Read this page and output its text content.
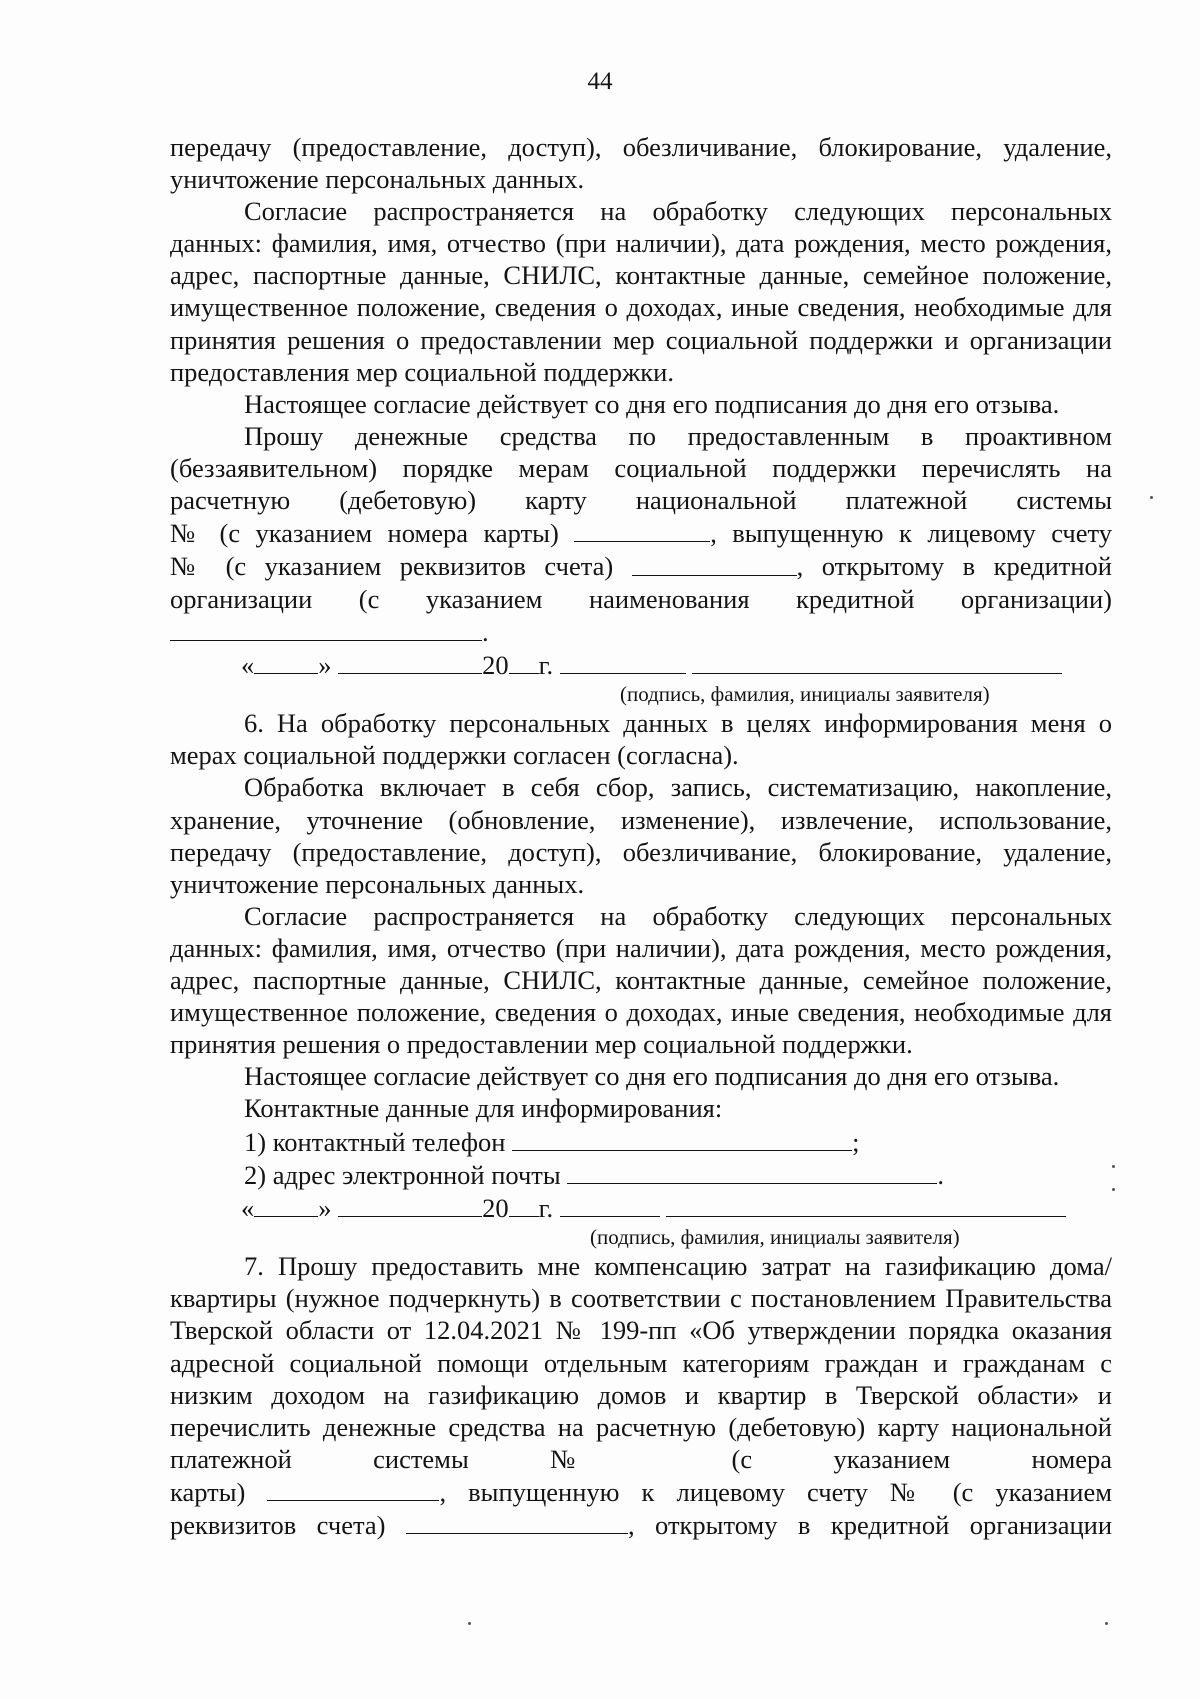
44

передачу (предоставление, доступ), обезличивание, блокирование, удаление, уничтожение персональных данных.

Согласие распространяется на обработку следующих персональных данных: фамилия, имя, отчество (при наличии), дата рождения, место рождения, адрес, паспортные данные, СНИЛС, контактные данные, семейное положение, имущественное положение, сведения о доходах, иные сведения, необходимые для принятия решения о предоставлении мер социальной поддержки и организации предоставления мер социальной поддержки.

Настоящее согласие действует со дня его подписания до дня его отзыва.

Прошу денежные средства по предоставленным в проактивном (беззаявительном) порядке мерам социальной поддержки перечислять на расчетную (дебетовую) карту национальной платежной системы

№ (с указанием номера карты)	, выпущенную к лицевому счету
№ (с указанием реквизитов счета)	, открытому в кредитной
организации (с указанием наименования кредитной организации)
.
« »	20 г.
(подпись, фамилия, инициалы заявителя)

6. На обработку персональных данных в целях информирования меня о мерах социальной поддержки согласен (согласна).

Обработка включает в себя сбор, запись, систематизацию, накопление, хранение, уточнение (обновление, изменение), извлечение, использование, передачу (предоставление, доступ), обезличивание, блокирование, удаление, уничтожение персональных данных.

Согласие распространяется на обработку следующих персональных данных: фамилия, имя, отчество (при наличии), дата рождения, место рождения, адрес, паспортные данные, СНИЛС, контактные данные, семейное положение, имущественное положение, сведения о доходах, иные сведения, необходимые для принятия решения о предоставлении мер социальной поддержки.

Настоящее согласие действует со дня его подписания до дня его отзыва.

Контактные данные для информирования:
1) контактный телефон	;
2) адрес электронной почты	.
« »	20 г.
(подпись, фамилия, инициалы заявителя)

7. Прошу предоставить мне компенсацию затрат на газификацию дома/ квартиры (нужное подчеркнуть) в соответствии с постановлением Правительства Тверской области от 12.04.2021 № 199-пп «Об утверждении порядка оказания адресной социальной помощи отдельным категориям граждан и гражданам с низким доходом на газификацию домов и квартир в Тверской области» и перечислить денежные средства на расчетную (дебетовую) карту национальной платежной системы № (с указанием номера

карты)	, выпущенную к лицевому счету № (с указанием
реквизитов счета)	, открытому в кредитной организации
